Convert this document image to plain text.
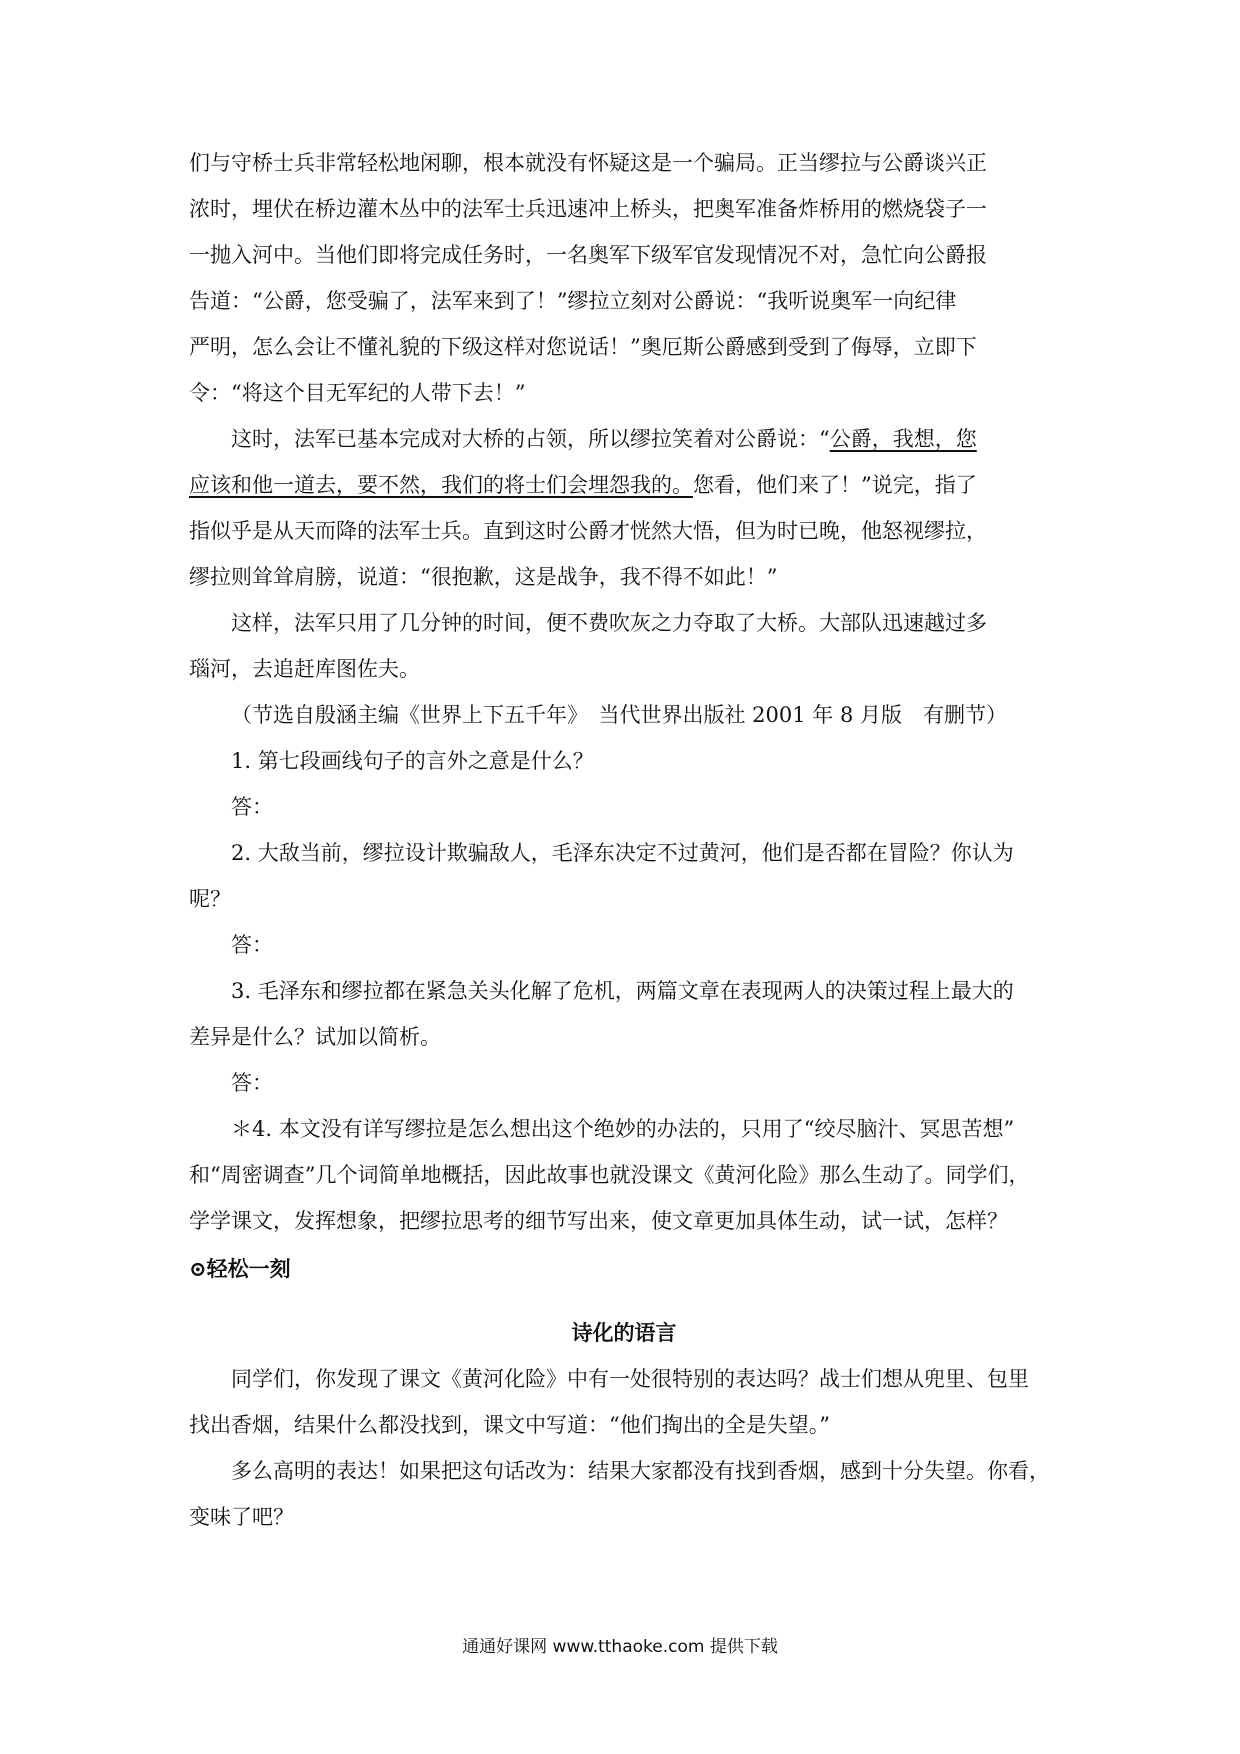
们与守桥士兵非常轻松地闲聊，根本就没有怀疑这是一个骗局。正当缪拉与公爵谈兴正
浓时，埋伏在桥边灌木丛中的法军士兵迅速冲上桥头，把奥军准备炸桥用的燃烧袋子一
一抛入河中。当他们即将完成任务时，一名奥军下级军官发现情况不对，急忙向公爵报
告道：“公爵，您受骗了，法军来到了！”缪拉立刻对公爵说：“我听说奥军一向纪律
严明，怎么会让不懂礼貌的下级这样对您说话！”奥厄斯公爵感到受到了侮辱，立即下
令：“将这个目无军纪的人带下去！”
这时，法军已基本完成对大桥的占领，所以缪拉笑着对公爵说：“公爵，我想，您
应该和他一道去，要不然，我们的将士们会埋怨我的。您看，他们来了！”说完，指了
指似乎是从天而降的法军士兵。直到这时公爵才恍然大悟，但为时已晚，他怒视缪拉，
缪拉则耸耸肩膀，说道：“很抱歉，这是战争，我不得不如此！”
这样，法军只用了几分钟的时间，便不费吹灰之力夺取了大桥。大部队迅速越过多
瑙河，去追赶库图佐夫。
（节选自殷涵主编《世界上下五千年》　当代世界出版社 2001 年 8 月版　有删节）
1. 第七段画线句子的言外之意是什么？
答：
2. 大敌当前，缪拉设计欺骗敌人，毛泽东决定不过黄河，他们是否都在冒险？你认为
呢？
答：
3. 毛泽东和缪拉都在紧急关头化解了危机，两篇文章在表现两人的决策过程上最大的
差异是什么？试加以简析。
答：
＊4. 本文没有详写缪拉是怎么想出这个绝妙的办法的，只用了“绞尽脑汁、冥思苦想”
和“周密调查”几个词简单地概括，因此故事也就没课文《黄河化险》那么生动了。同学们，
学学课文，发挥想象，把缪拉思考的细节写出来，使文章更加具体生动，试一试，怎样？
⊙轻松一刻
诗化的语言
同学们，你发现了课文《黄河化险》中有一处很特别的表达吗？战士们想从兜里、包里
找出香烟，结果什么都没找到，课文中写道：“他们掏出的全是失望。”
多么高明的表达！如果把这句话改为：结果大家都没有找到香烟，感到十分失望。你看，
变味了吧？
通通好课网 www.tthaoke.com 提供下载
